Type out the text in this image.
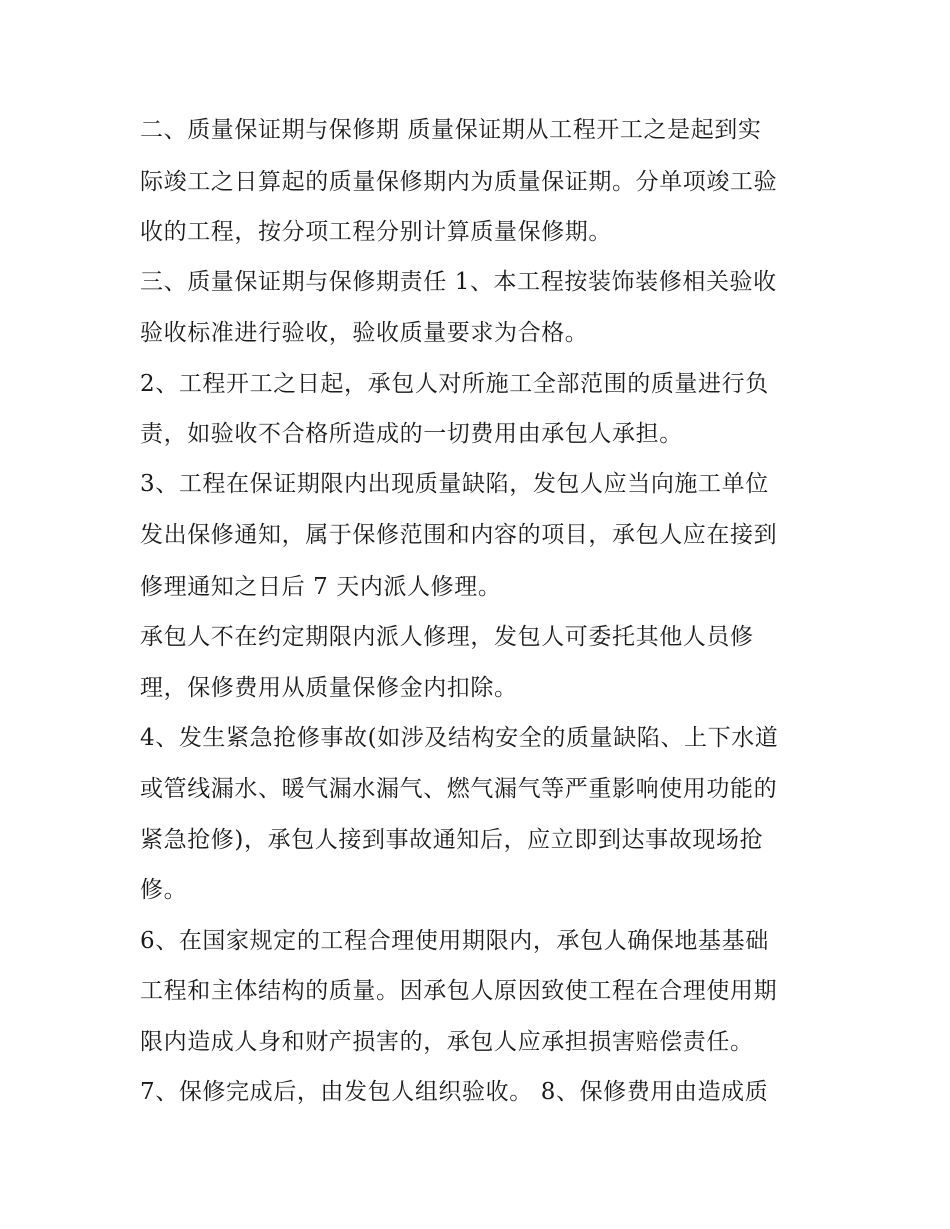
二、质量保证期与保修期 质量保证期从工程开工之是起到实

际竣工之日算起的质量保修期内为质量保证期。分单项竣工验

收的工程，按分项工程分别计算质量保修期。

三、质量保证期与保修期责任 1、本工程按装饰装修相关验收

验收标准进行验收，验收质量要求为合格。

2、工程开工之日起，承包人对所施工全部范围的质量进行负

责，如验收不合格所造成的一切费用由承包人承担。

3、工程在保证期限内出现质量缺陷，发包人应当向施工单位

发出保修通知，属于保修范围和内容的项目，承包人应在接到

修理通知之日后 7 天内派人修理。

承包人不在约定期限内派人修理，发包人可委托其他人员修

理，保修费用从质量保修金内扣除。

4、发生紧急抢修事故(如涉及结构安全的质量缺陷、上下水道

或管线漏水、暖气漏水漏气、燃气漏气等严重影响使用功能的

紧急抢修)，承包人接到事故通知后，应立即到达事故现场抢

修。

6、在国家规定的工程合理使用期限内，承包人确保地基基础

工程和主体结构的质量。因承包人原因致使工程在合理使用期

限内造成人身和财产损害的，承包人应承担损害赔偿责任。

7、保修完成后，由发包人组织验收。 8、保修费用由造成质
